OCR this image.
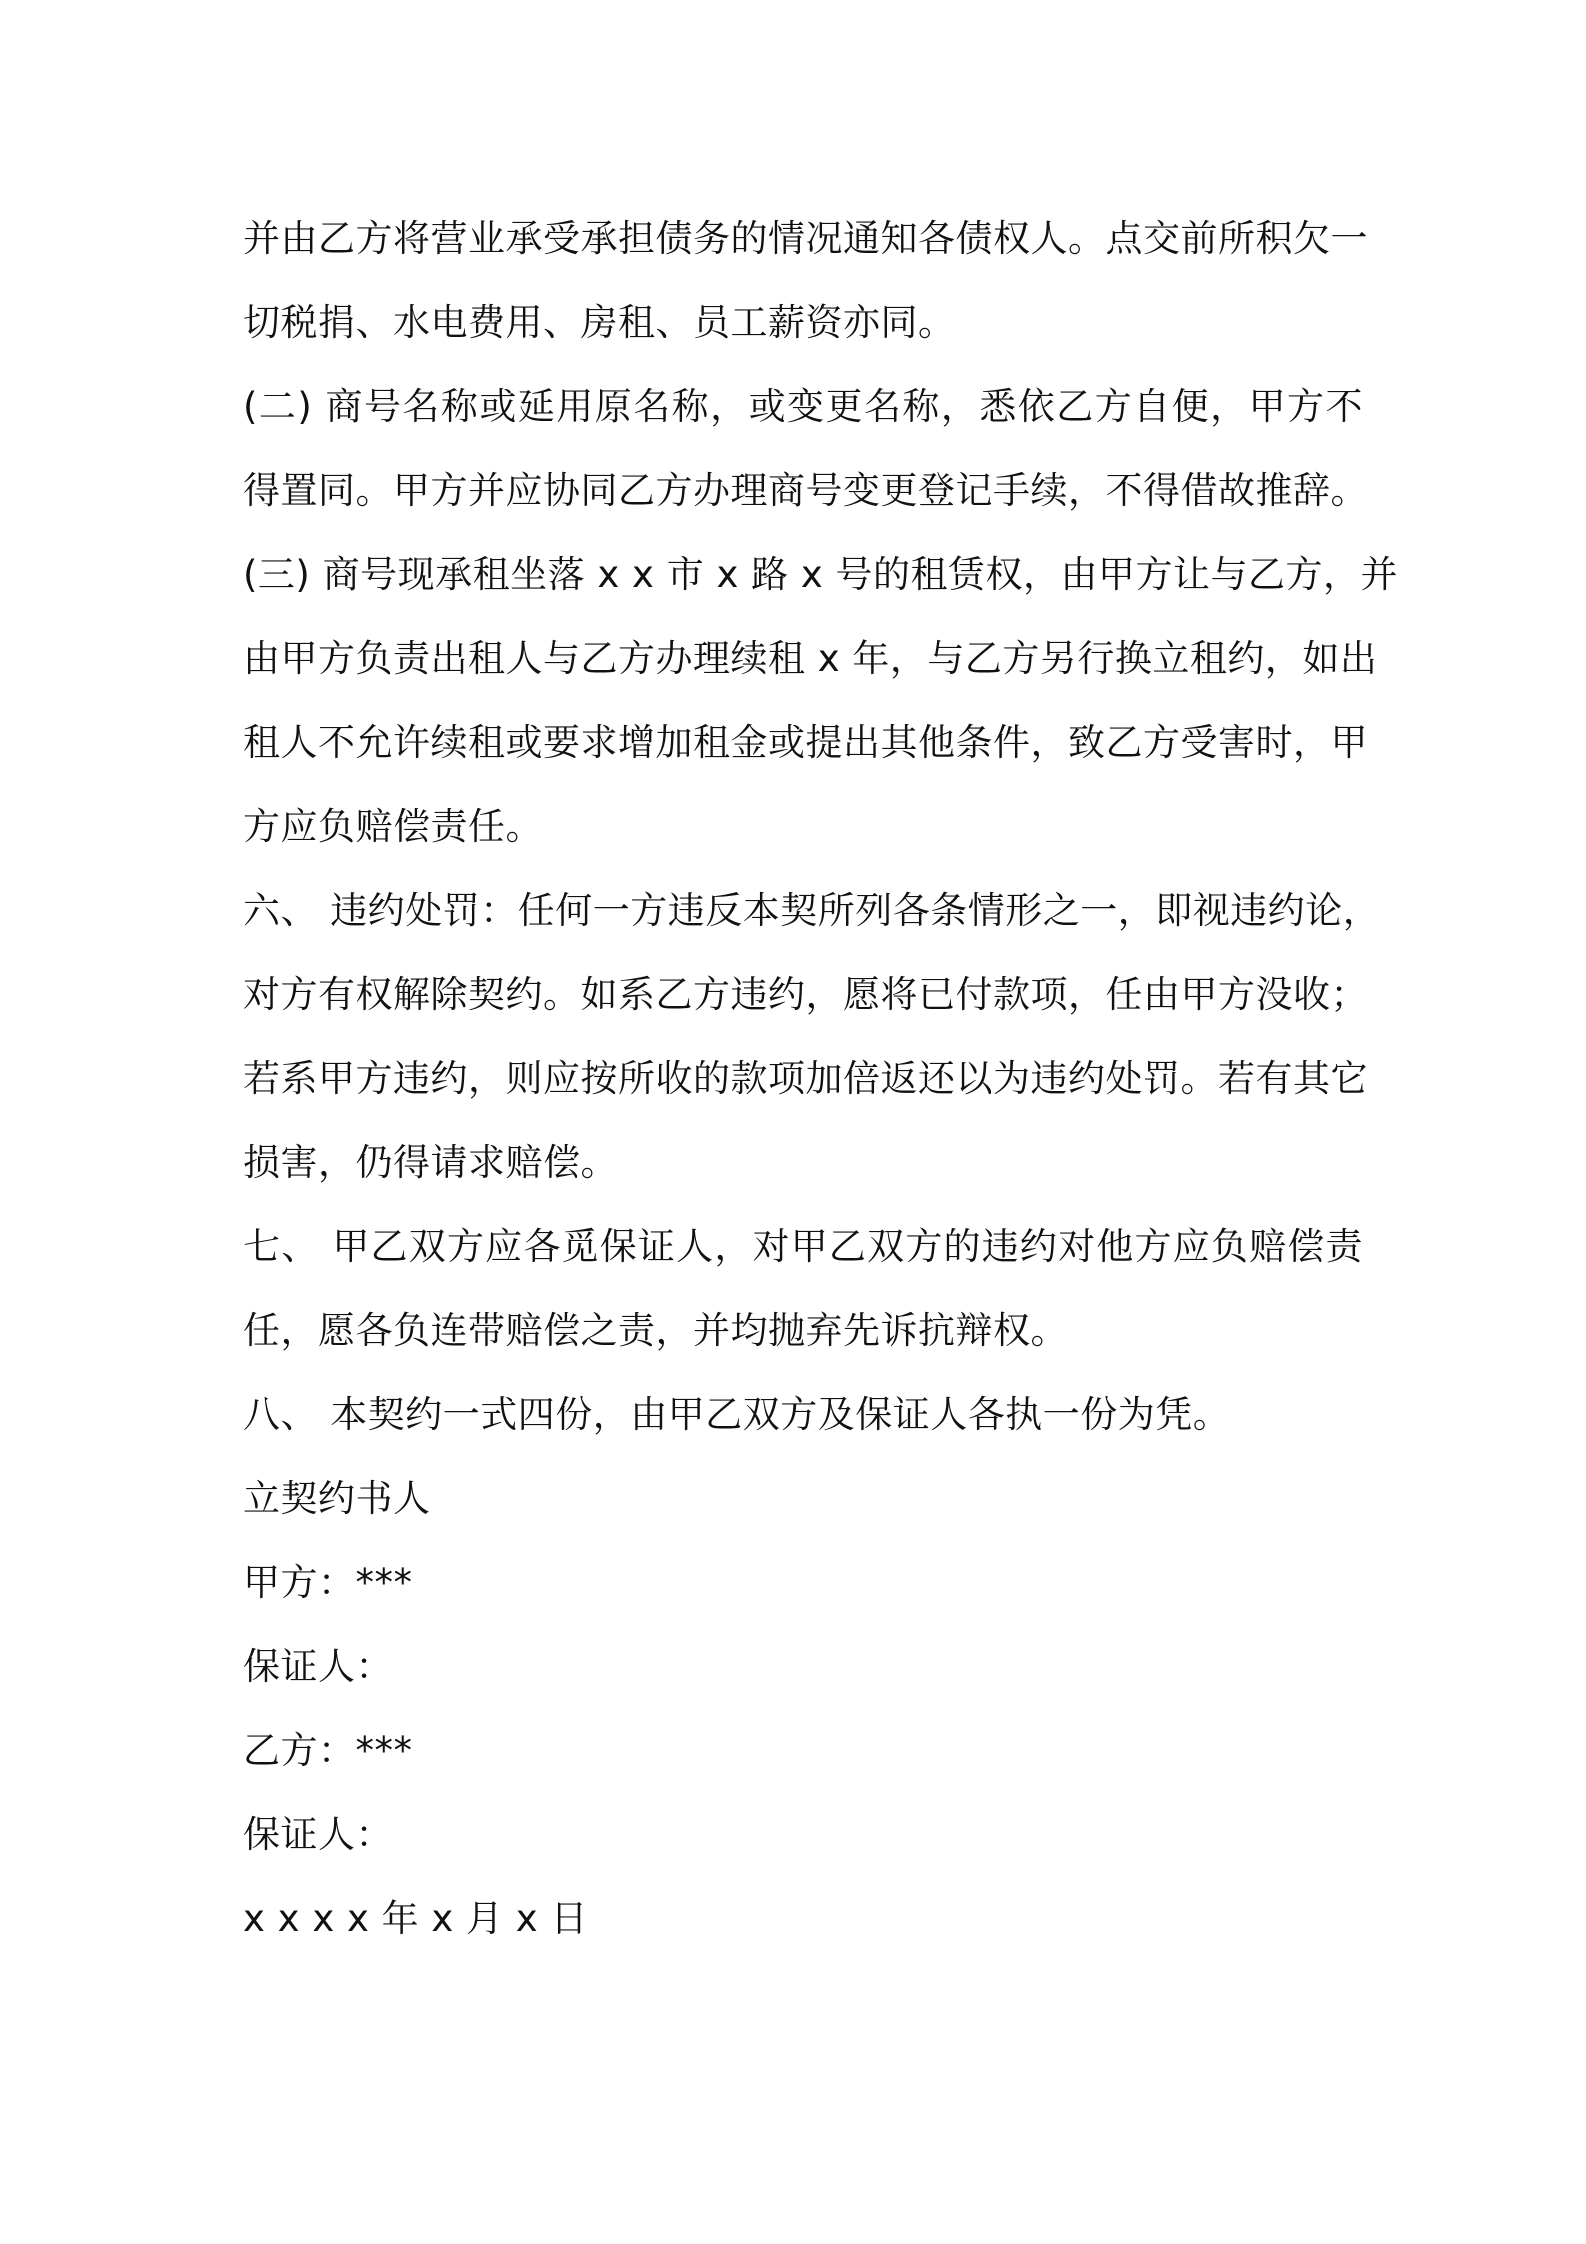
并由乙方将营业承受承担债务的情况通知各债权人。点交前所积欠一
切税捐、水电费用、房租、员工薪资亦同。
(二) 商号名称或延用原名称，或变更名称，悉依乙方自便，甲方不
得置同。甲方并应协同乙方办理商号变更登记手续，不得借故推辞。
(三) 商号现承租坐落 x x 市 x 路 x 号的租赁权，由甲方让与乙方，并
由甲方负责出租人与乙方办理续租 x 年，与乙方另行换立租约，如出
租人不允许续租或要求增加租金或提出其他条件，致乙方受害时，甲
方应负赔偿责任。
六、 违约处罚：任何一方违反本契所列各条情形之一，即视违约论，
对方有权解除契约。如系乙方违约，愿将已付款项，任由甲方没收；
若系甲方违约，则应按所收的款项加倍返还以为违约处罚。若有其它
损害，仍得请求赔偿。
七、 甲乙双方应各觅保证人，对甲乙双方的违约对他方应负赔偿责
任，愿各负连带赔偿之责，并均抛弃先诉抗辩权。
八、 本契约一式四份，由甲乙双方及保证人各执一份为凭。
立契约书人
甲方：***
保证人：
乙方：***
保证人：
x x x x 年 x 月 x 日
